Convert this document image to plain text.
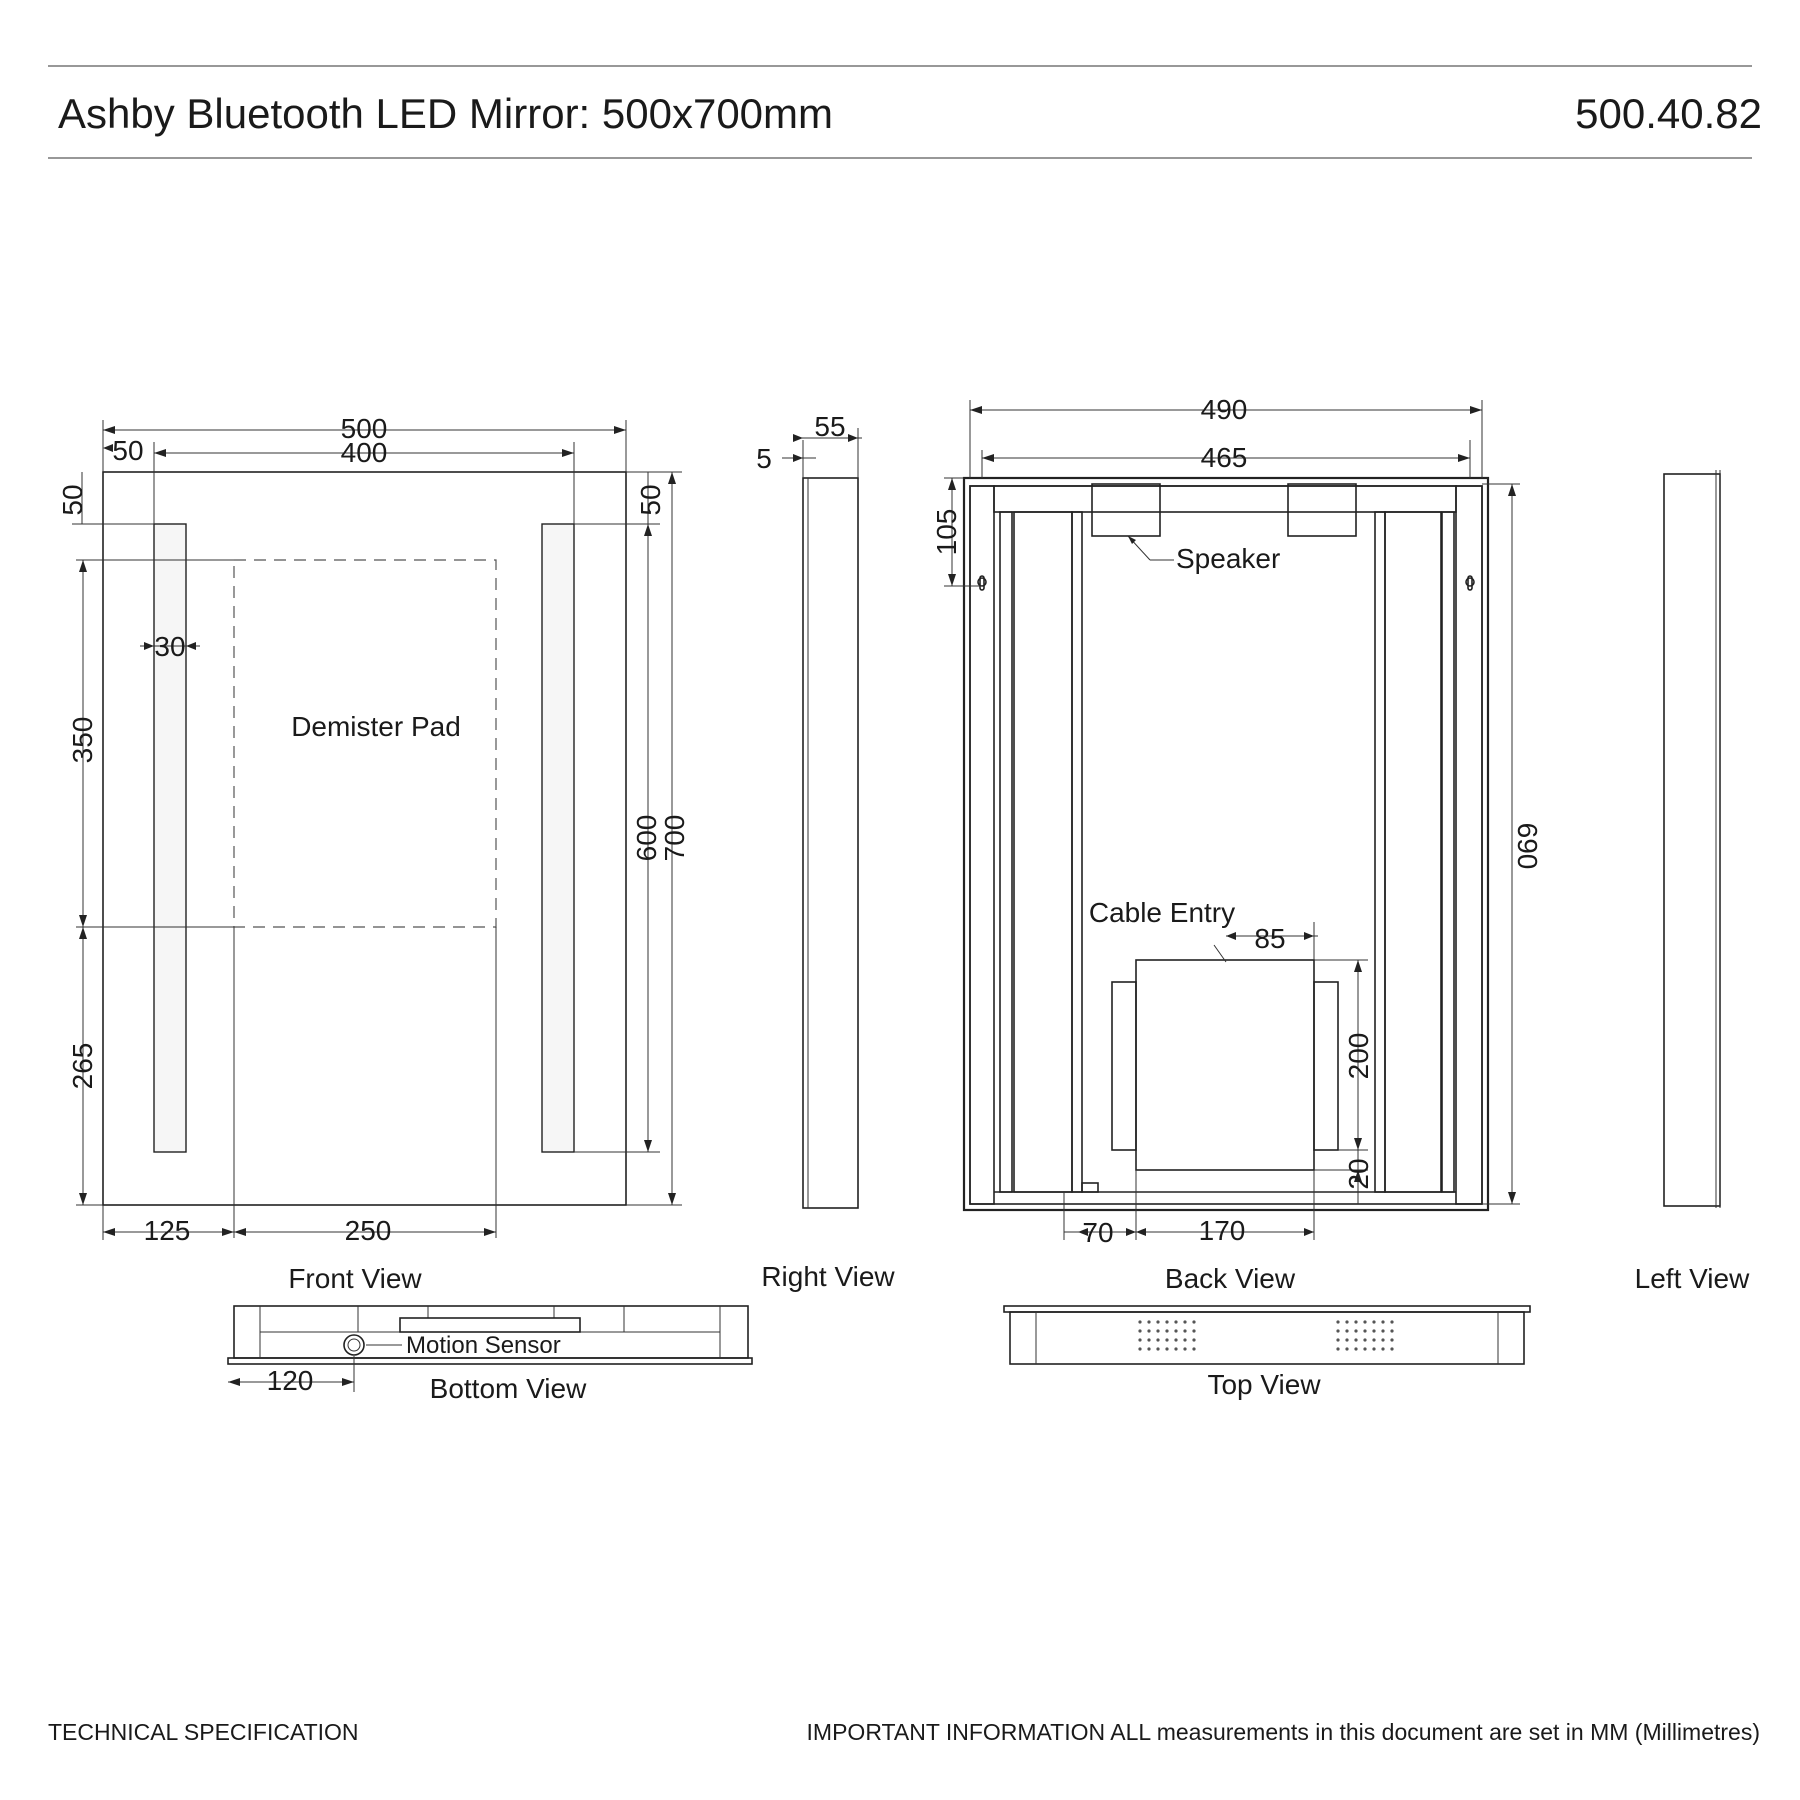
Ashby Bluetooth LED Mirror: 500x700mm	500.40.82
Demister Pad
500
400
50
50	50
30
350
265
600
700
125	250
Front View
55
5
Right View
Speaker
Cable Entry
490
465
105
690
85
200
20
70	170
Back View	Left View
Motion Sensor
120	Bottom View	Top View
TECHNICAL SPECIFICATION	IMPORTANT INFORMATION ALL measurements in this document are set in MM (Millimetres)
